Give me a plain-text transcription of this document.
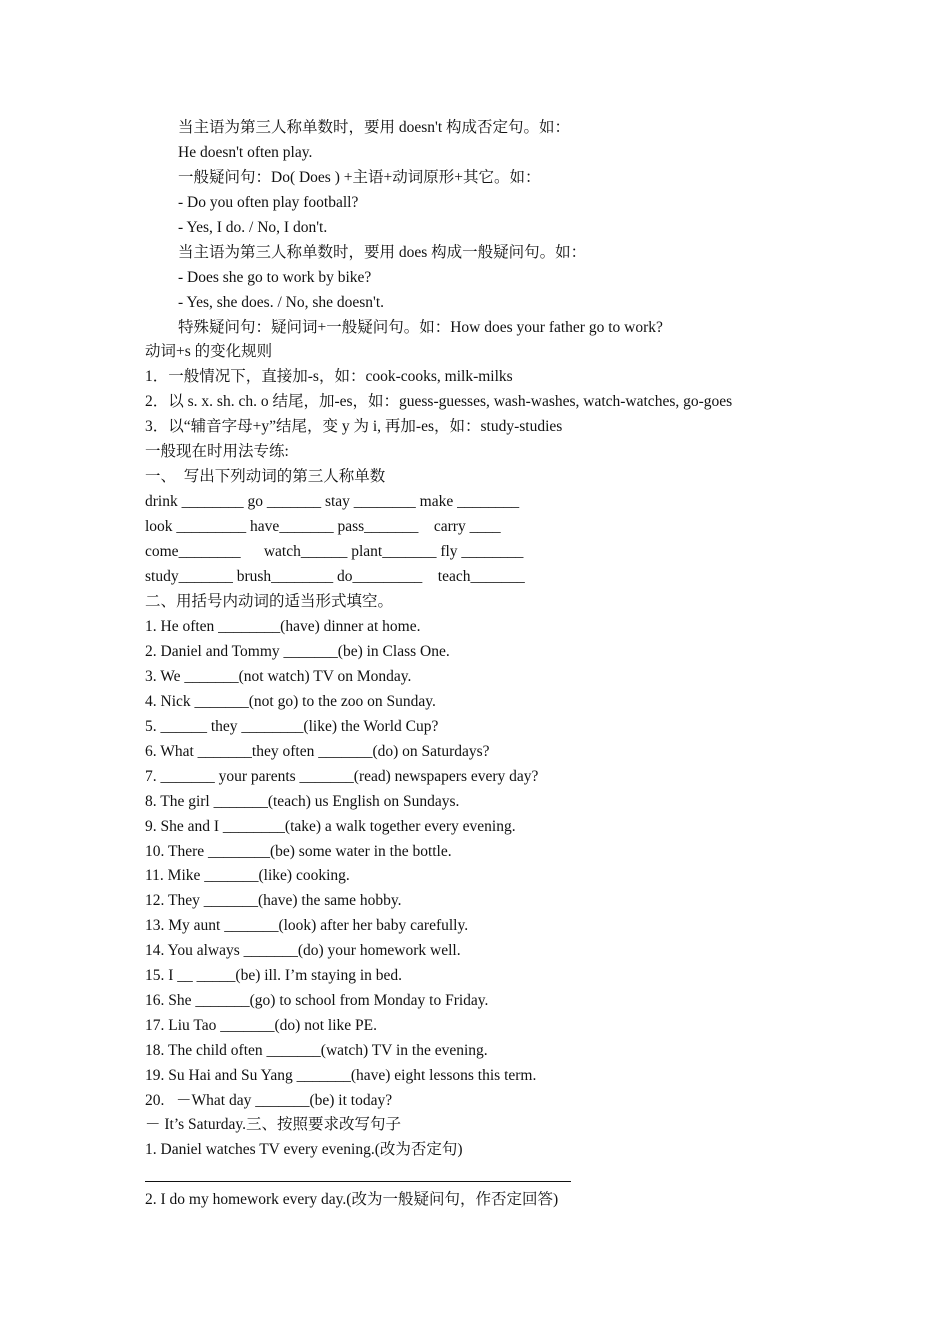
当主语为第三人称单数时，要用 doesn't 构成否定句。如：

He doesn't often play.

一般疑问句：Do( Does ) +主语+动词原形+其它。如：

- Do you often play football?

- Yes, I do. / No, I don't.

当主语为第三人称单数时，要用 does 构成一般疑问句。如：

- Does she go to work by bike?

- Yes, she does. / No, she doesn't.

特殊疑问句：疑问词+一般疑问句。如：How does your father go to work?

动词+s 的变化规则

1．一般情况下，直接加-s，如：cook-cooks, milk-milks

2．以 s. x. sh. ch. o 结尾，加-es，如：guess-guesses, wash-washes, watch-watches, go-goes

3．以“辅音字母+y”结尾，变 y 为 i, 再加-es，如：study-studies

一般现在时用法专练:

一、  写出下列动词的第三人称单数

drink ________ go _______ stay ________ make ________

look _________ have_______ pass_______    carry ____

come________      watch______ plant_______ fly ________

study_______ brush________ do_________    teach_______

二、用括号内动词的适当形式填空。

1. He often ________(have) dinner at home.

2. Daniel and Tommy _______(be) in Class One.

3. We _______(not watch) TV on Monday.

4. Nick _______(not go) to the zoo on Sunday.

5. ______ they ________(like) the World Cup?

6. What _______they often _______(do) on Saturdays?

7. _______ your parents _______(read) newspapers every day?

8. The girl _______(teach) us English on Sundays.

9. She and I ________(take) a walk together every evening.

10. There ________(be) some water in the bottle.

11. Mike _______(like) cooking.

12. They _______(have) the same hobby.

13. My aunt _______(look) after her baby carefully.

14. You always _______(do) your homework well.

15. I __ _____(be) ill. I’m staying in bed.

16. She _______(go) to school from Monday to Friday.

17. Liu Tao _______(do) not like PE.

18. The child often _______(watch) TV in the evening.

19. Su Hai and Su Yang _______(have) eight lessons this term.

20.   －What day _______(be) it today?

－ It’s Saturday.三、按照要求改写句子

1. Daniel watches TV every evening.(改为否定句)

2. I do my homework every day.(改为一般疑问句，作否定回答)
